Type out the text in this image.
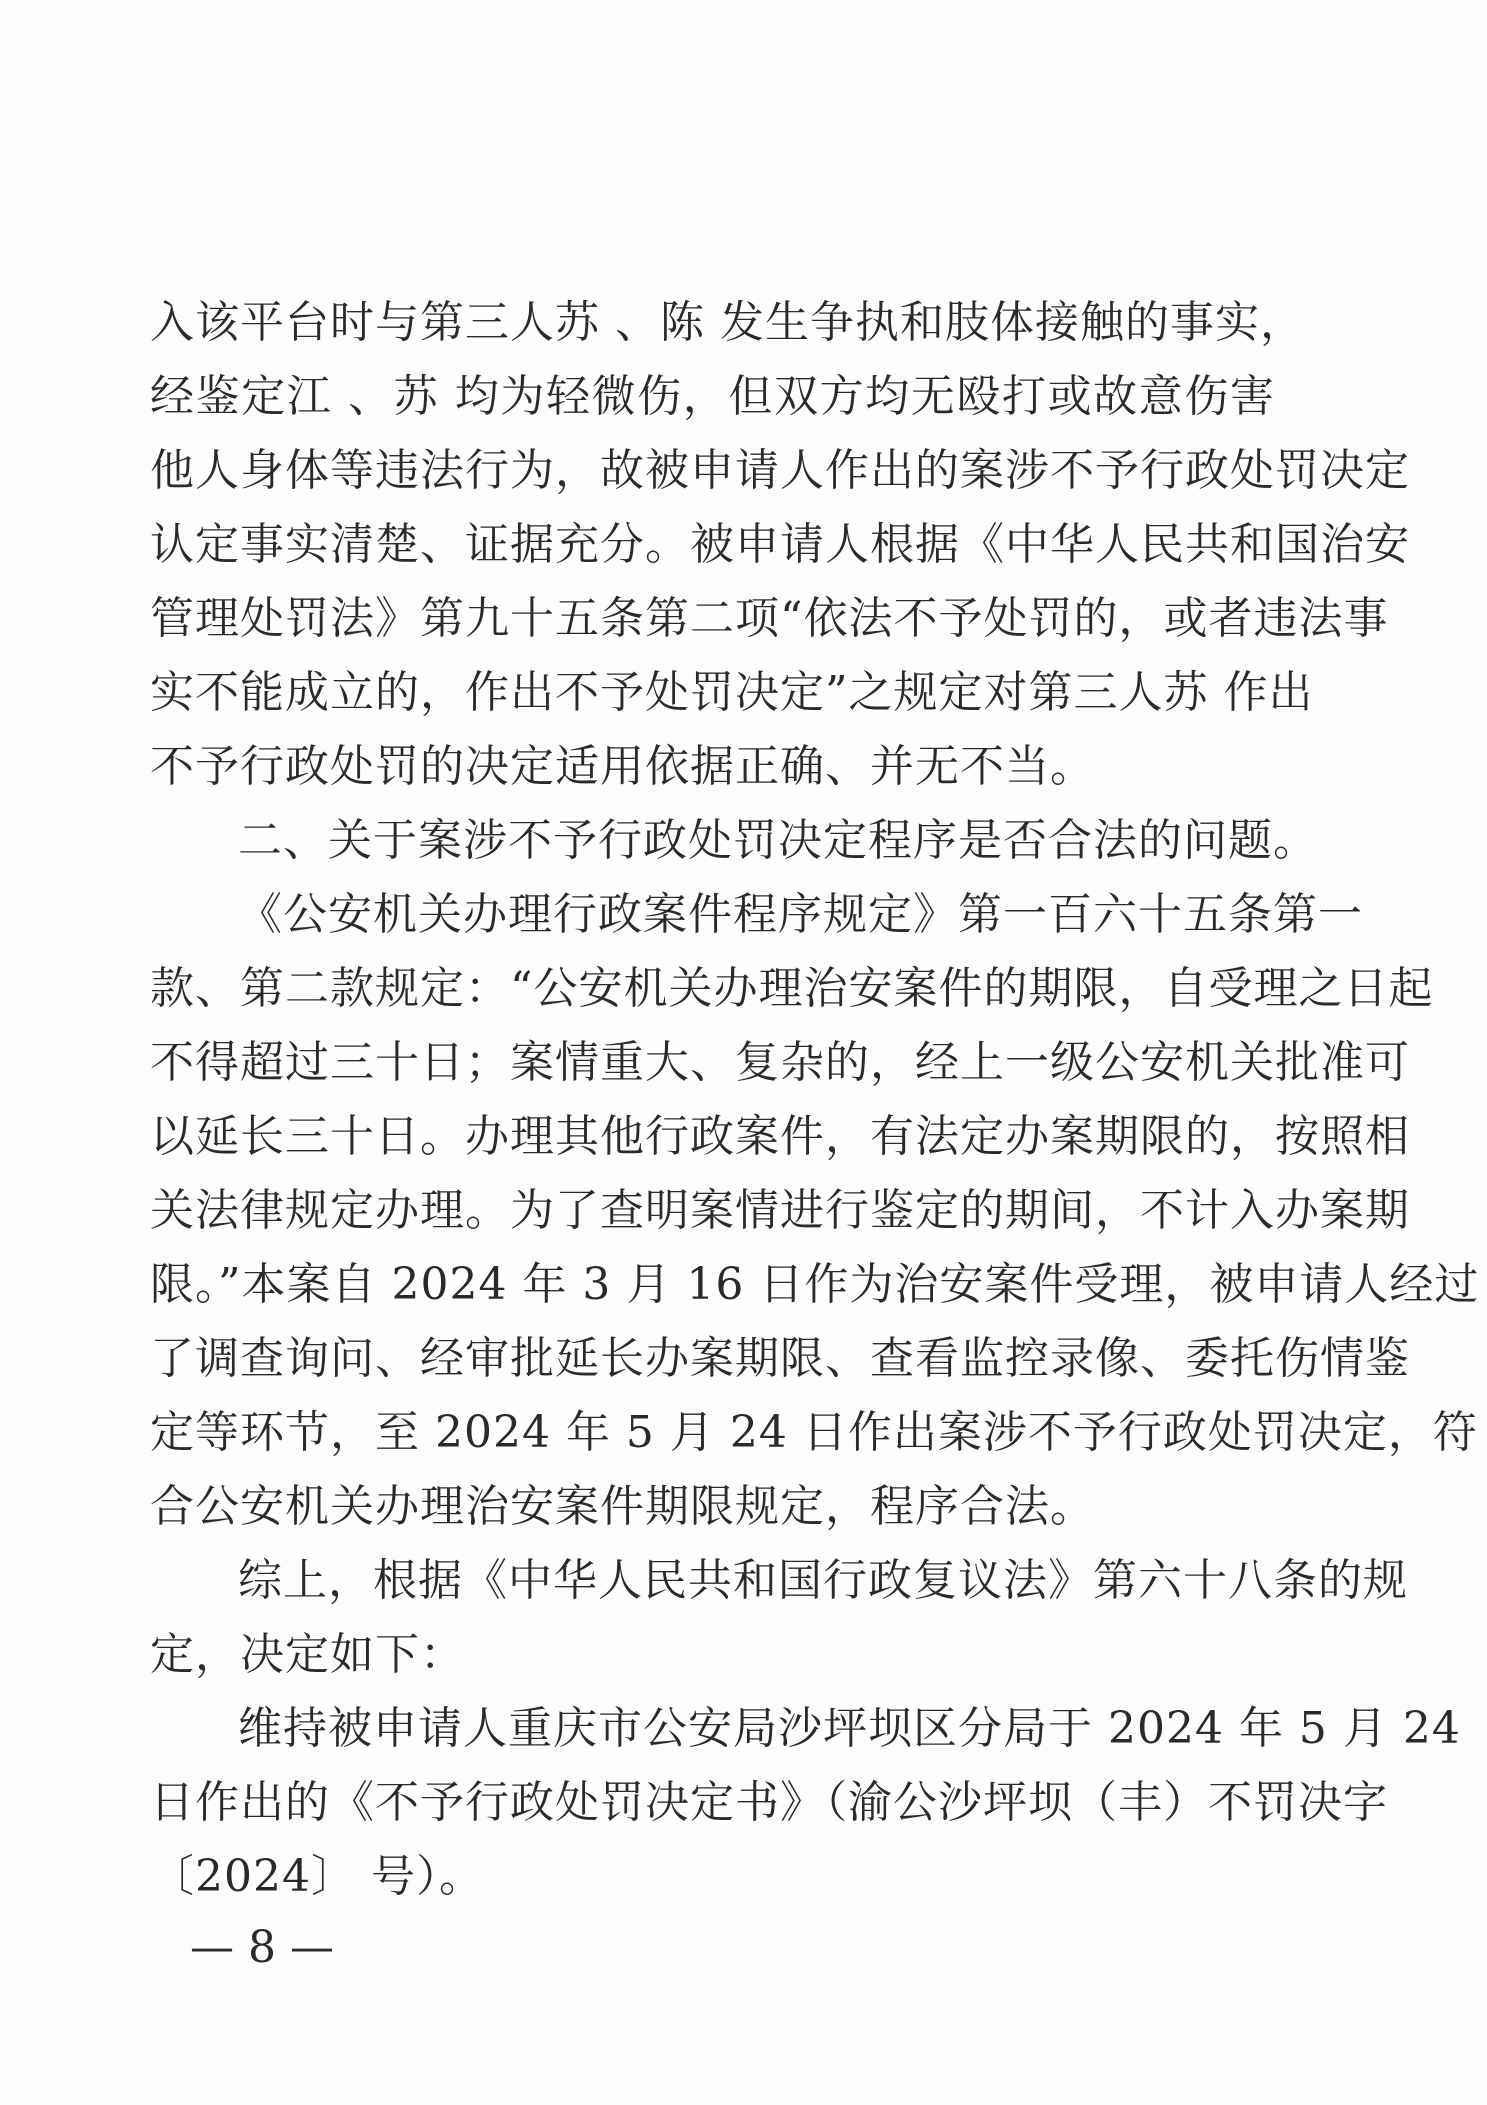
入该平台时与第三人苏 、陈 发生争执和肢体接触的事实，
经鉴定江 、苏 均为轻微伤，但双方均无殴打或故意伤害
他人身体等违法行为，故被申请人作出的案涉不予行政处罚决定
认定事实清楚、证据充分。被申请人根据《中华人民共和国治安
管理处罚法》第九十五条第二项“依法不予处罚的，或者违法事
实不能成立的，作出不予处罚决定”之规定对第三人苏 作出
不予行政处罚的决定适用依据正确、并无不当。
二、关于案涉不予行政处罚决定程序是否合法的问题。
《公安机关办理行政案件程序规定》第一百六十五条第一
款、第二款规定：“公安机关办理治安案件的期限，自受理之日起
不得超过三十日；案情重大、复杂的，经上一级公安机关批准可
以延长三十日。办理其他行政案件，有法定办案期限的，按照相
关法律规定办理。为了查明案情进行鉴定的期间，不计入办案期
限。”本案自 2024 年 3 月 16 日作为治安案件受理，被申请人经过
了调查询问、经审批延长办案期限、查看监控录像、委托伤情鉴
定等环节，至 2024 年 5 月 24 日作出案涉不予行政处罚决定，符
合公安机关办理治安案件期限规定，程序合法。
综上，根据《中华人民共和国行政复议法》第六十八条的规
定，决定如下：
维持被申请人重庆市公安局沙坪坝区分局于 2024 年 5 月 24
日作出的《不予行政处罚决定书》（渝公沙坪坝（丰）不罚决字
〔2024〕 号）。
— 8 —
